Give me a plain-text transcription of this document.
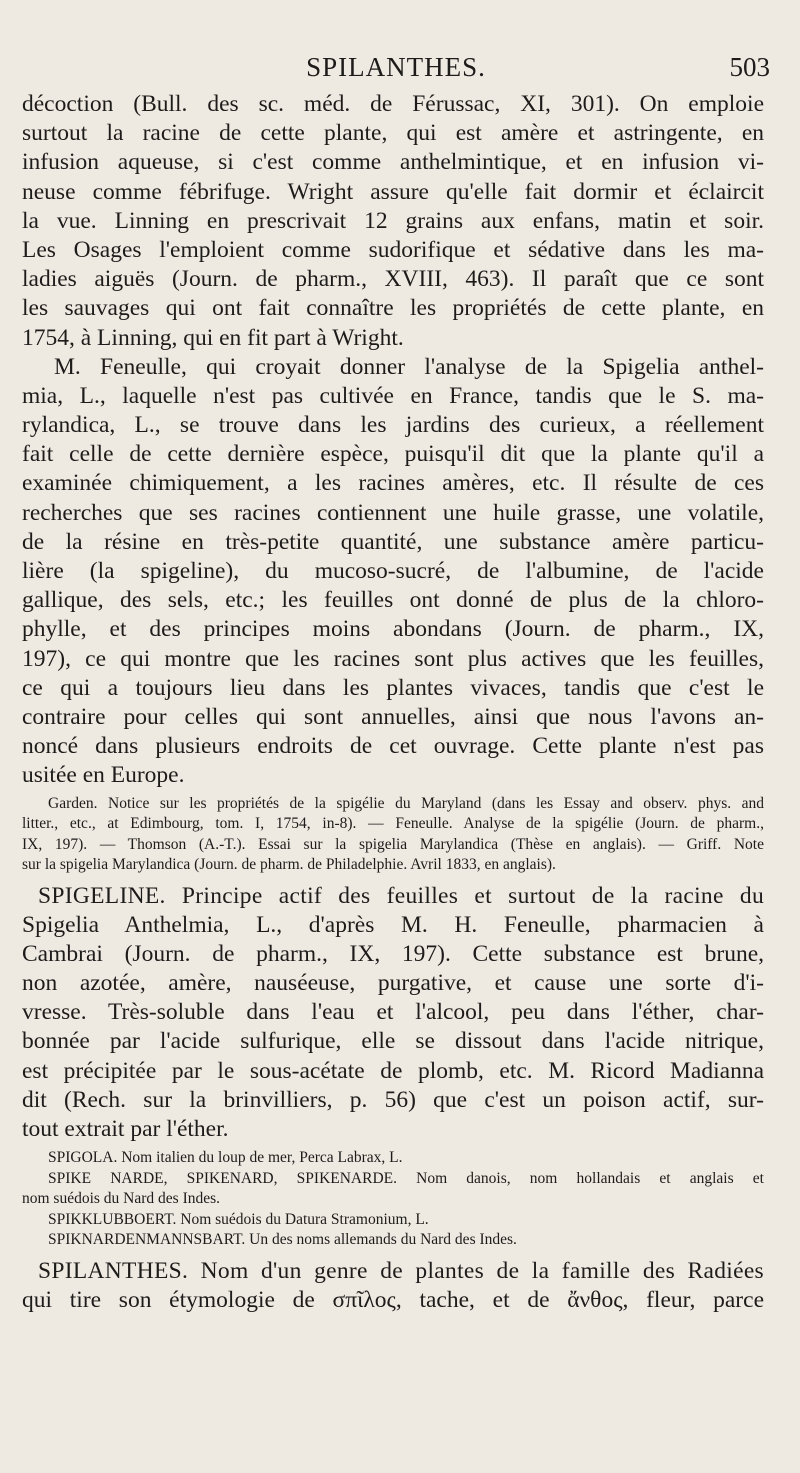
SPILANTHES.	503
décoction (Bull. des sc. méd. de Férussac, XI, 301). On emploie
surtout la racine de cette plante, qui est amère et astringente, en
infusion aqueuse, si c'est comme anthelmintique, et en infusion vi-
neuse comme fébrifuge. Wright assure qu'elle fait dormir et éclaircit
la vue. Linning en prescrivait 12 grains aux enfans, matin et soir.
Les Osages l'emploient comme sudorifique et sédative dans les ma-
ladies aiguës (Journ. de pharm., XVIII, 463). Il paraît que ce sont
les sauvages qui ont fait connaître les propriétés de cette plante, en
1754, à Linning, qui en fit part à Wright.
M. Feneulle, qui croyait donner l'analyse de la Spigelia anthel-
mia, L., laquelle n'est pas cultivée en France, tandis que le S. ma-
rylandica, L., se trouve dans les jardins des curieux, a réellement
fait celle de cette dernière espèce, puisqu'il dit que la plante qu'il a
examinée chimiquement, a les racines amères, etc. Il résulte de ces
recherches que ses racines contiennent une huile grasse, une volatile,
de la résine en très-petite quantité, une substance amère particu-
lière (la spigeline), du mucoso-sucré, de l'albumine, de l'acide
gallique, des sels, etc.; les feuilles ont donné de plus de la chloro-
phylle, et des principes moins abondans (Journ. de pharm., IX,
197), ce qui montre que les racines sont plus actives que les feuilles,
ce qui a toujours lieu dans les plantes vivaces, tandis que c'est le
contraire pour celles qui sont annuelles, ainsi que nous l'avons an-
noncé dans plusieurs endroits de cet ouvrage. Cette plante n'est pas
usitée en Europe.
Garden. Notice sur les propriétés de la spigélie du Maryland (dans les Essay and observ. phys. and
litter., etc., at Edimbourg, tom. I, 1754, in-8). — Feneulle. Analyse de la spigélie (Journ. de pharm.,
IX, 197). — Thomson (A.-T.). Essai sur la spigelia Marylandica (Thèse en anglais). — Griff. Note
sur la spigelia Marylandica (Journ. de pharm. de Philadelphie. Avril 1833, en anglais).
SPIGELINE. Principe actif des feuilles et surtout de la racine du
Spigelia Anthelmia, L., d'après M. H. Feneulle, pharmacien à
Cambrai (Journ. de pharm., IX, 197). Cette substance est brune,
non azotée, amère, nauséeuse, purgative, et cause une sorte d'i-
vresse. Très-soluble dans l'eau et l'alcool, peu dans l'éther, char-
bonnée par l'acide sulfurique, elle se dissout dans l'acide nitrique,
est précipitée par le sous-acétate de plomb, etc. M. Ricord Madianna
dit (Rech. sur la brinvilliers, p. 56) que c'est un poison actif, sur-
tout extrait par l'éther.
SPIGOLA. Nom italien du loup de mer, Perca Labrax, L.
SPIKE NARDE, SPIKENARD, SPIKENARDE. Nom danois, nom hollandais et anglais et
nom suédois du Nard des Indes.
SPIKKLUBBOERT. Nom suédois du Datura Stramonium, L.
SPIKNARDENMANNSBART. Un des noms allemands du Nard des Indes.
SPILANTHES. Nom d'un genre de plantes de la famille des Radiées
qui tire son étymologie de σπῖλος, tache, et de ἄνθος, fleur, parce
